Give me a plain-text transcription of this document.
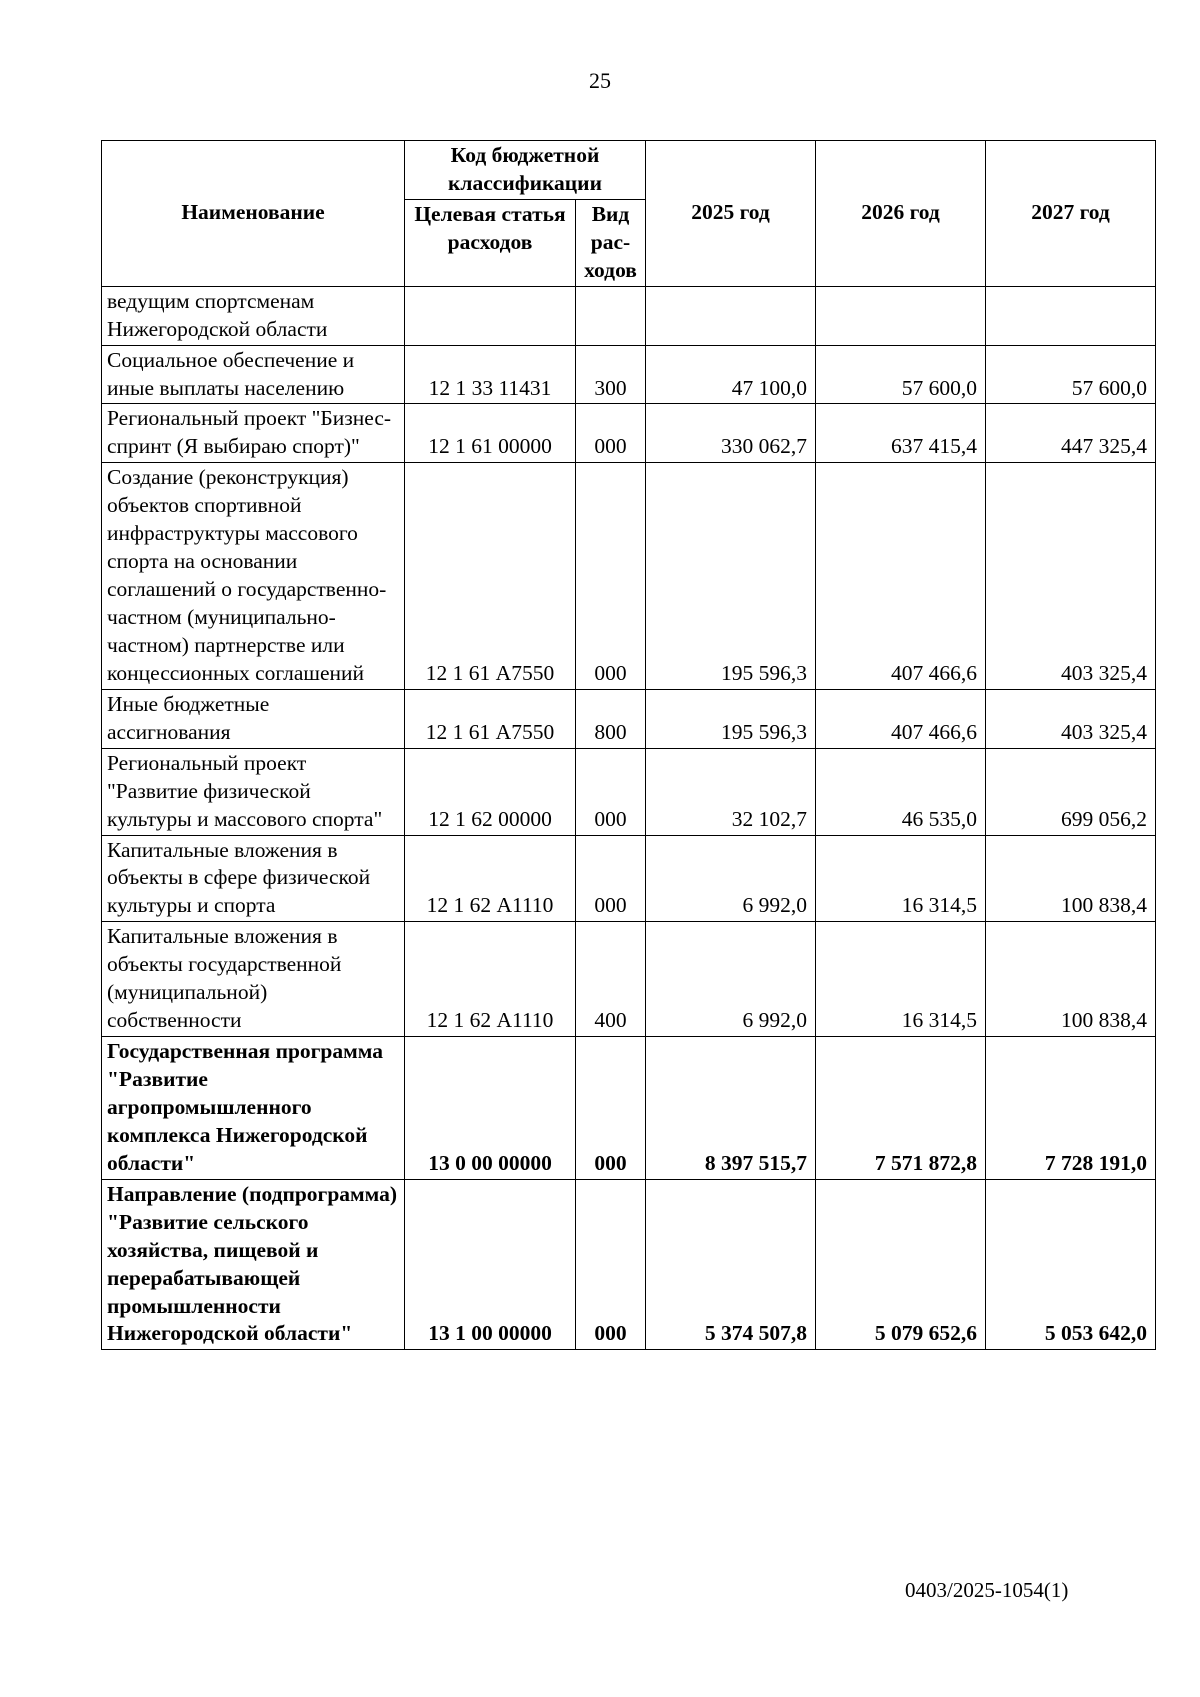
25
Наименование	Код бюджетной классификации		2025 год	2026 год	2027 год
	Целевая статья расходов	Вид рас-ходов			
ведущим спортсменам Нижегородской области					
Социальное обеспечение и иные выплаты населению	12 1 33 11431	300	47 100,0	57 600,0	57 600,0
Региональный проект "Бизнес-спринт (Я выбираю спорт)"	12 1 61 00000	000	330 062,7	637 415,4	447 325,4
Создание (реконструкция) объектов спортивной инфраструктуры массового спорта на основании соглашений о государственно-частном (муниципально-частном) партнерстве или концессионных соглашений	12 1 61 А7550	000	195 596,3	407 466,6	403 325,4
Иные бюджетные ассигнования	12 1 61 А7550	800	195 596,3	407 466,6	403 325,4
Региональный проект "Развитие физической культуры и массового спорта"	12 1 62 00000	000	32 102,7	46 535,0	699 056,2
Капитальные вложения в объекты в сфере физической культуры и спорта	12 1 62 А1110	000	6 992,0	16 314,5	100 838,4
Капитальные вложения в объекты государственной (муниципальной) собственности	12 1 62 А1110	400	6 992,0	16 314,5	100 838,4
Государственная программа "Развитие агропромышленного комплекса Нижегородской области"	13 0 00 00000	000	8 397 515,7	7 571 872,8	7 728 191,0
Направление (подпрограмма) "Развитие сельского хозяйства, пищевой и перерабатывающей промышленности Нижегородской области"	13 1 00 00000	000	5 374 507,8	5 079 652,6	5 053 642,0
0403/2025-1054(1)
